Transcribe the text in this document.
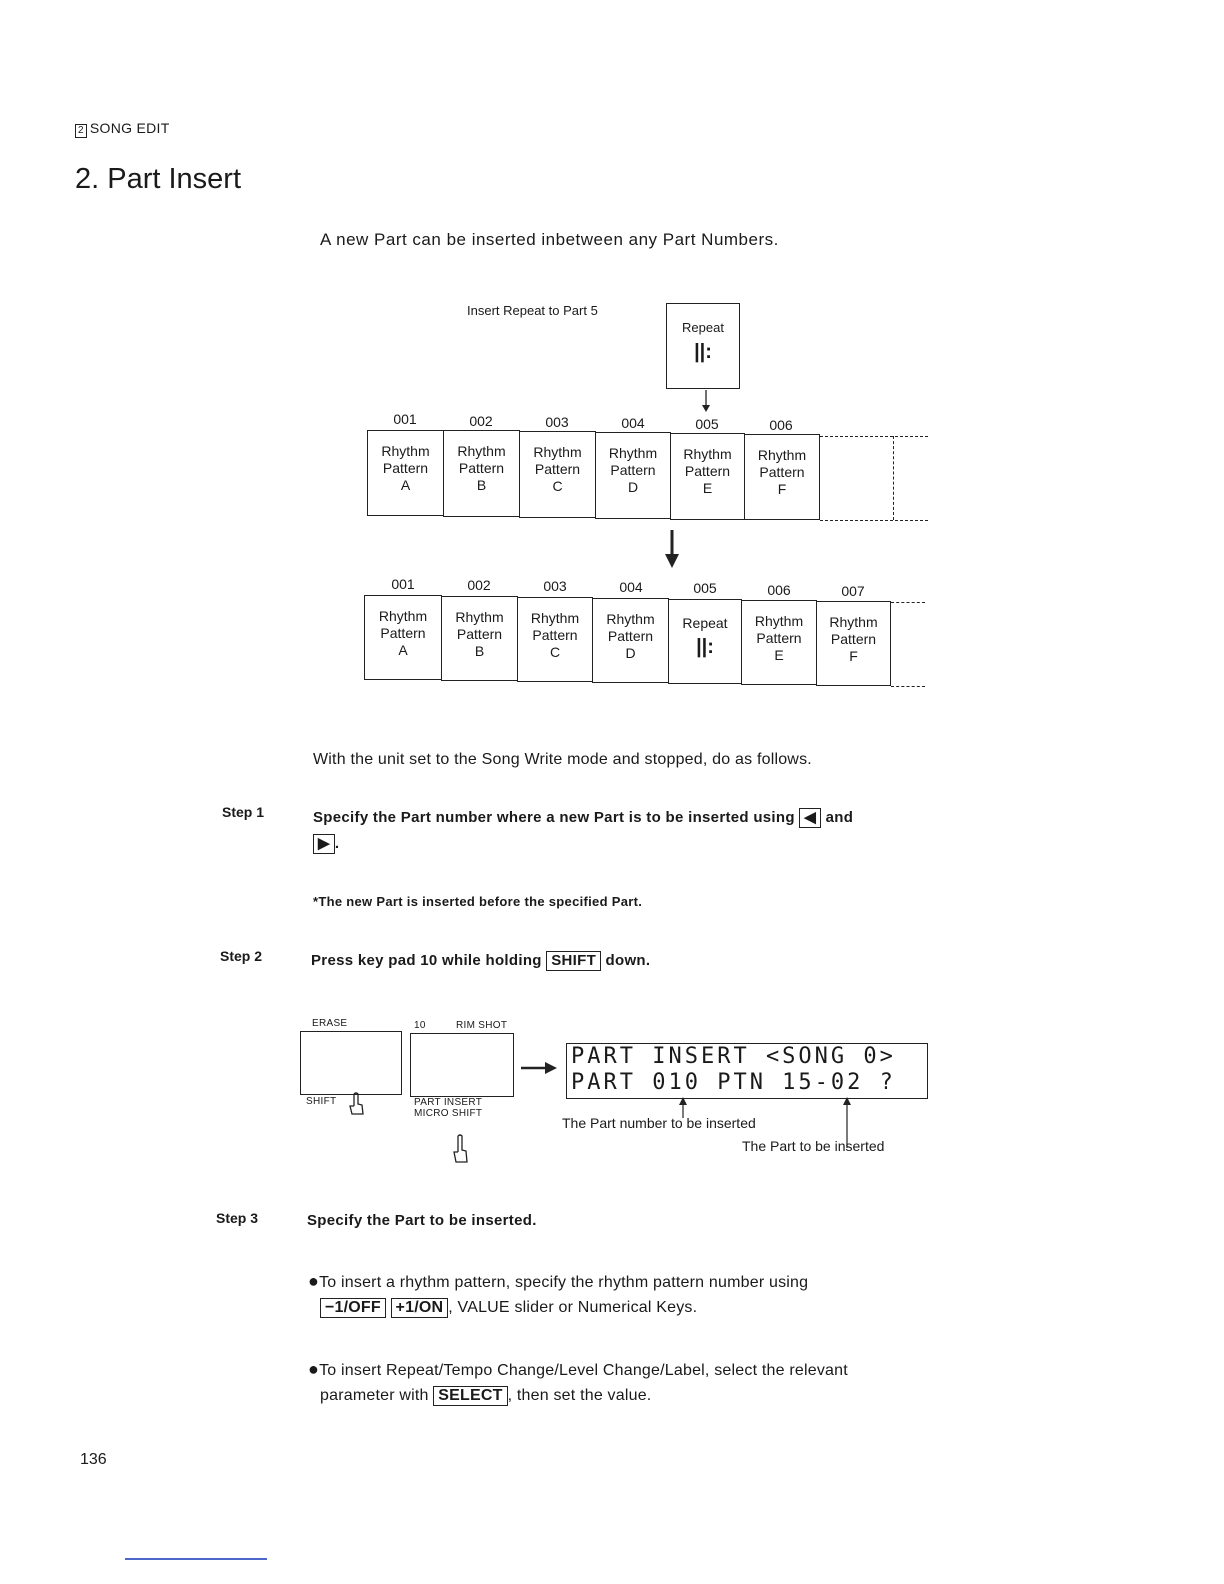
2 SONG EDIT
2. Part Insert
A new Part can be inserted inbetween any Part Numbers.
Insert Repeat to Part 5
Repeat
||:
001	002	003	004	005	006
Rhythm
Pattern
A
Rhythm
Pattern
B
Rhythm
Pattern
C
Rhythm
Pattern
D
Rhythm
Pattern
E
Rhythm
Pattern
F
001	002	003	004	005	006	007
Rhythm
Pattern
A
Rhythm
Pattern
B
Rhythm
Pattern
C
Rhythm
Pattern
D
Repeat
||:
Rhythm
Pattern
E
Rhythm
Pattern
F
With the unit set to the Song Write mode and stopped, do as follows.
Step 1	Specify the Part number where a new Part is to be inserted using ◀ and
▶ .
*The new Part is inserted before the specified Part.
Step 2	Press key pad 10 while holding SHIFT down.
ERASE
SHIFT
10	RIM SHOT
PART INSERT
MICRO SHIFT
PART INSERT <SONG 0>
PART 010 PTN 15-02 ?
The Part number to be inserted
The Part to be inserted
Step 3	Specify the Part to be inserted.
●To insert a rhythm pattern, specify the rhythm pattern number using
−1/OFF +1/ON , VALUE slider or Numerical Keys.
●To insert Repeat/Tempo Change/Level Change/Label, select the relevant
parameter with SELECT , then set the value.
136
